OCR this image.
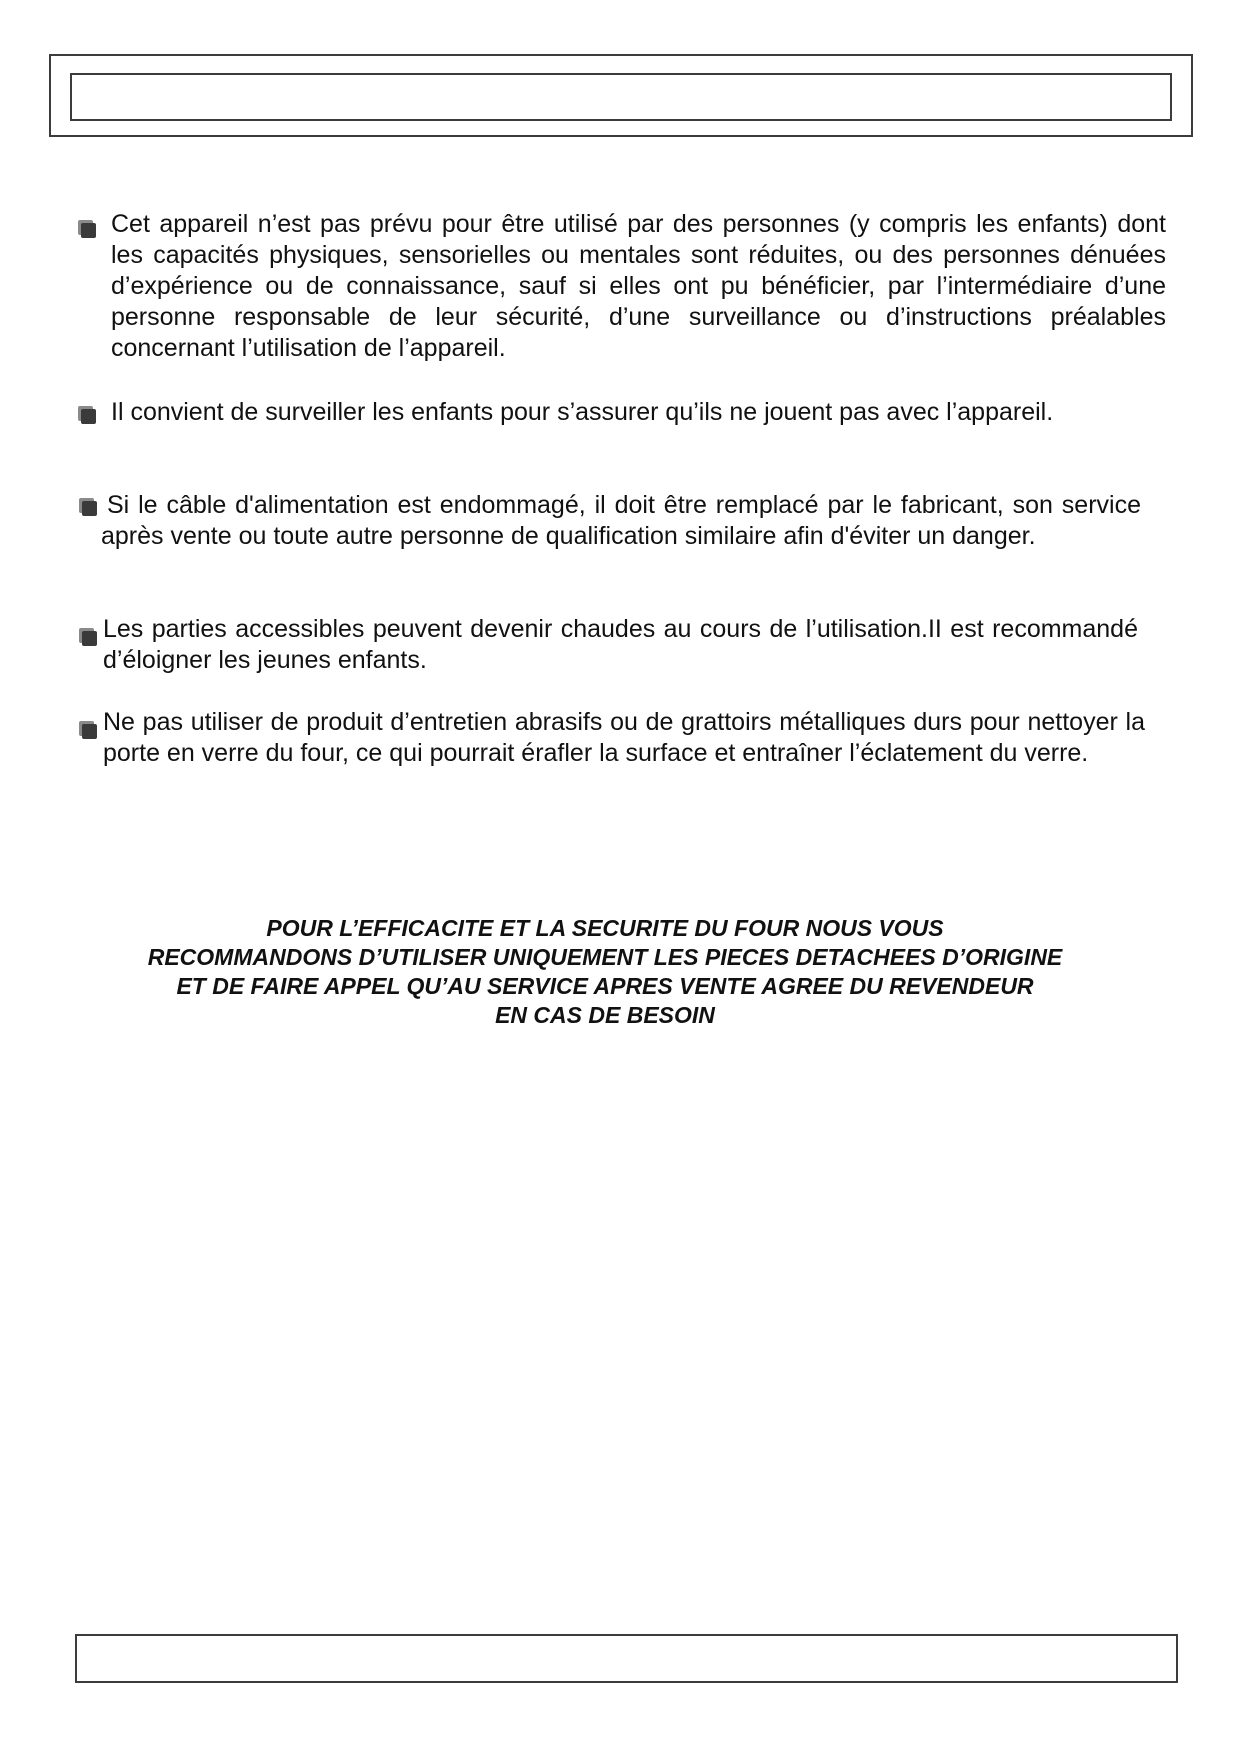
Cet appareil n’est pas prévu pour être utilisé par des personnes (y compris les enfants) dont les capacités physiques, sensorielles ou mentales sont réduites, ou des personnes dénuées d’expérience ou de connaissance, sauf si elles ont pu bénéficier, par l’intermédiaire d’une personne responsable de leur sécurité, d’une surveillance ou d’instructions préalables concernant l’utilisation de l’appareil.
Il convient de surveiller les enfants pour s’assurer qu’ils ne jouent pas avec l’appareil.
Si le câble d'alimentation est endommagé, il doit être remplacé par le fabricant, son service après vente ou toute autre personne de qualification similaire afin d'éviter un danger.
Les parties accessibles peuvent devenir chaudes au cours de l’utilisation.II est recommandé d’éloigner les jeunes enfants.
Ne pas utiliser de produit d’entretien abrasifs ou de grattoirs métalliques durs pour nettoyer la porte en verre du four, ce qui pourrait érafler la surface et entraîner l’éclatement du verre.
POUR L’EFFICACITE ET LA SECURITE DU FOUR NOUS VOUS
RECOMMANDONS D’UTILISER UNIQUEMENT LES PIECES DETACHEES D’ORIGINE
ET DE FAIRE APPEL QU’AU SERVICE APRES VENTE AGREE DU REVENDEUR
EN CAS DE BESOIN
